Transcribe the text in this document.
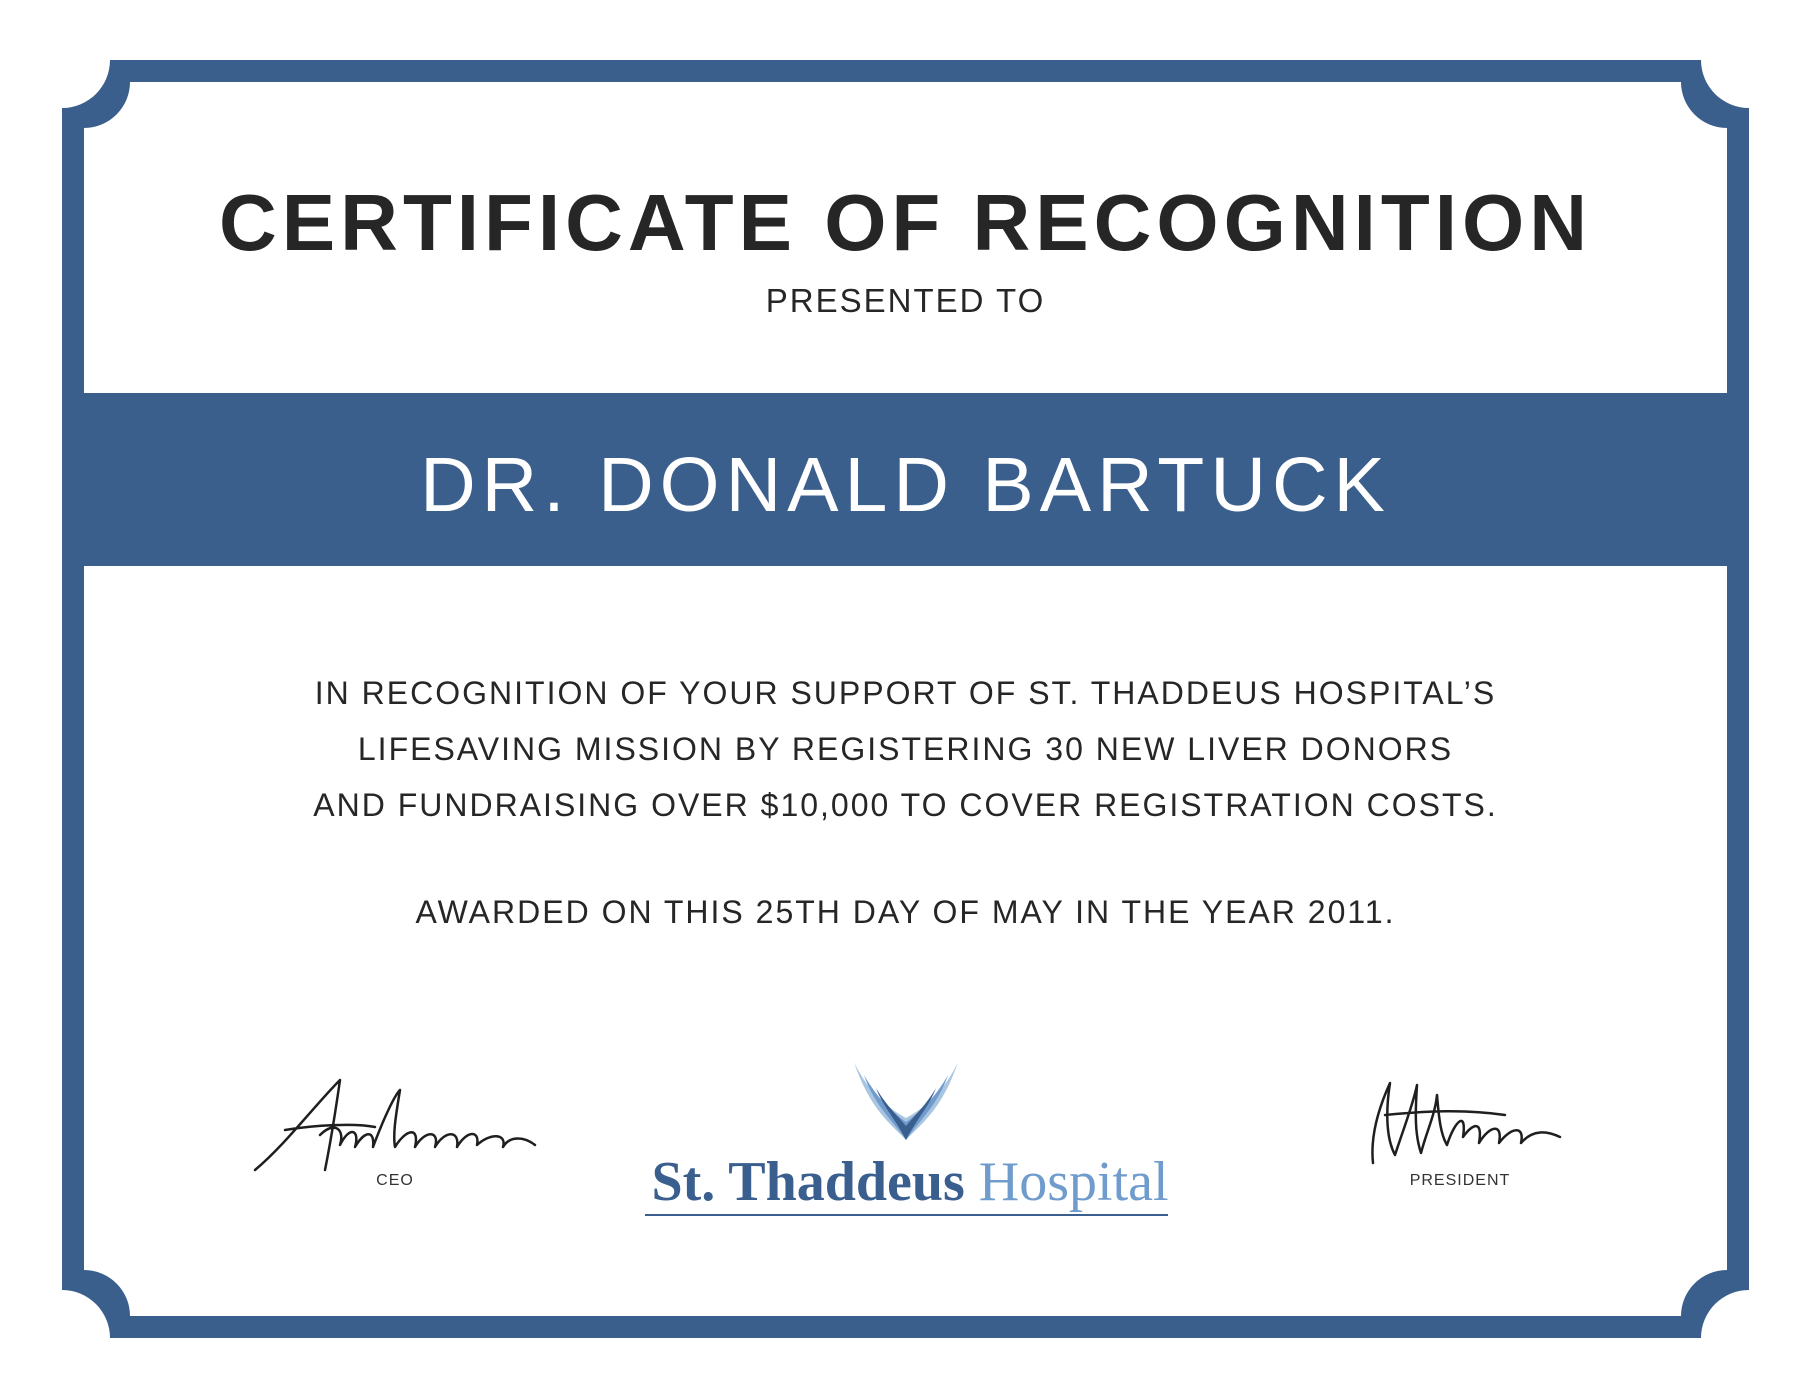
CERTIFICATE OF RECOGNITION
PRESENTED TO
DR. DONALD BARTUCK
IN RECOGNITION OF YOUR SUPPORT OF ST. THADDEUS HOSPITAL’S
LIFESAVING MISSION BY REGISTERING 30 NEW LIVER DONORS
AND FUNDRAISING OVER $10,000 TO COVER REGISTRATION COSTS.
AWARDED ON THIS 25TH DAY OF MAY IN THE YEAR 2011.
CEO	PRESIDENT
St. Thaddeus Hospital
